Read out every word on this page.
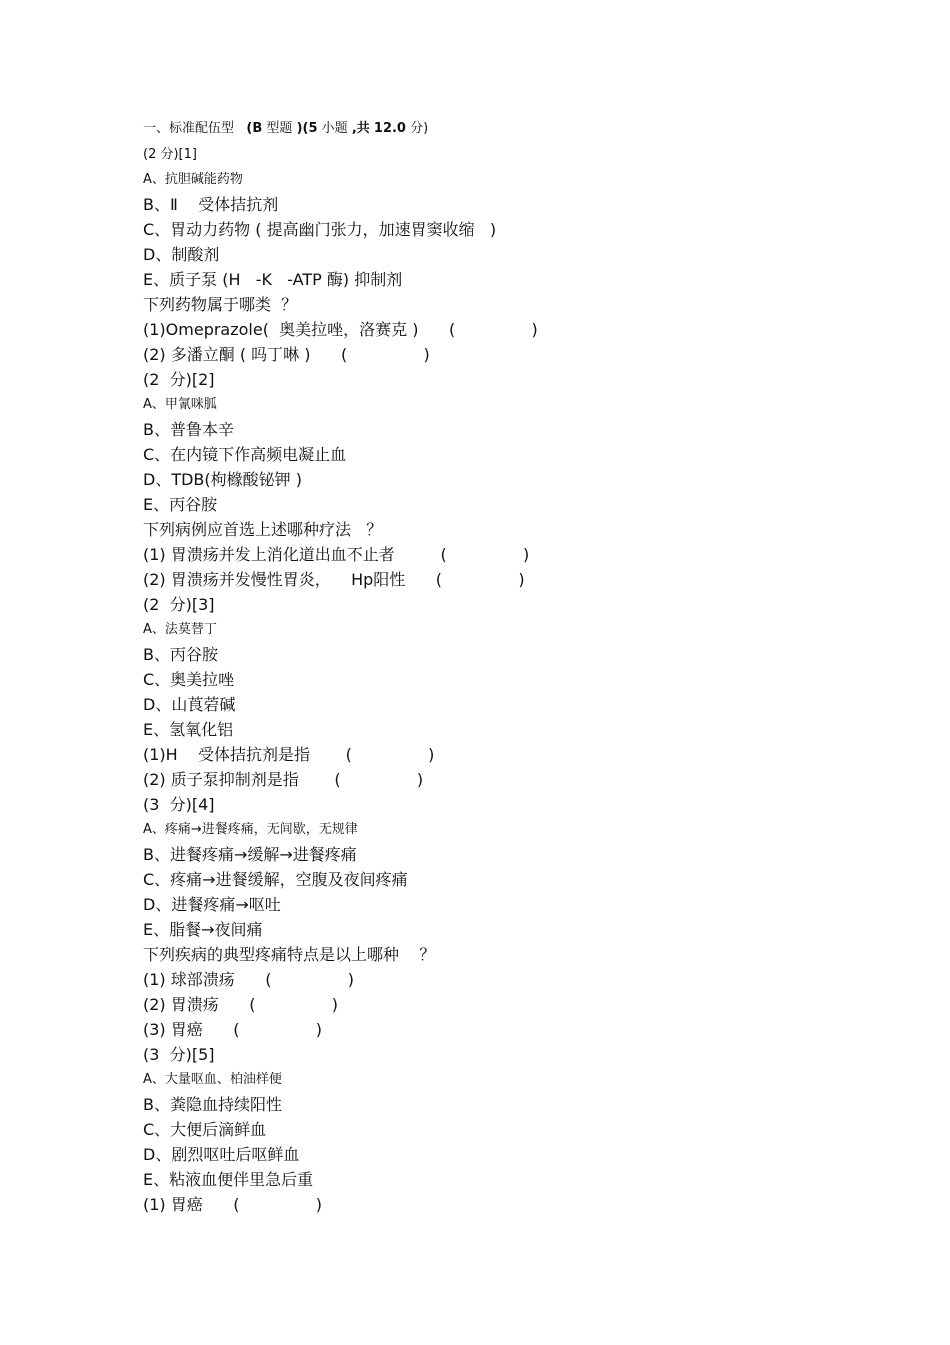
一、标准配伍型 (B 型题 )(5 小题 ,共 12.0 分)
(2 分)[1]
A、抗胆碱能药物
B、Ⅱ    受体拮抗剂
C、胃动力药物 ( 提高幽门张力，加速胃窦收缩   )
D、制酸剂
E、质子泵 (H   -K   -ATP 酶) 抑制剂
下列药物属于哪类  ？
(1)Omeprazole(  奥美拉唑，洛赛克 )      (               )
(2) 多潘立酮 ( 吗丁啉 )      (               )
(2  分)[2]
A、甲氰咪胍
B、普鲁本辛
C、在内镜下作高频电凝止血
D、TDB(枸橼酸铋钾 )
E、丙谷胺
下列病例应首选上述哪种疗法   ？
(1) 胃溃疡并发上消化道出血不止者         (               )
(2) 胃溃疡并发慢性胃炎，    Hp阳性      (               )
(2  分)[3]
A、法莫替丁
B、丙谷胺
C、奥美拉唑
D、山莨菪碱
E、氢氧化铝
(1)H    受体拮抗剂是指       (               )
(2) 质子泵抑制剂是指       (               )
(3  分)[4]
A、疼痛→进餐疼痛，无间歇，无规律
B、进餐疼痛→缓解→进餐疼痛
C、疼痛→进餐缓解，空腹及夜间疼痛
D、进餐疼痛→呕吐
E、脂餐→夜间痛
下列疾病的典型疼痛特点是以上哪种    ？
(1) 球部溃疡      (               )
(2) 胃溃疡      (               )
(3) 胃癌      (               )
(3  分)[5]
A、大量呕血、柏油样便
B、粪隐血持续阳性
C、大便后滴鲜血
D、剧烈呕吐后呕鲜血
E、粘液血便伴里急后重
(1) 胃癌      (               )
